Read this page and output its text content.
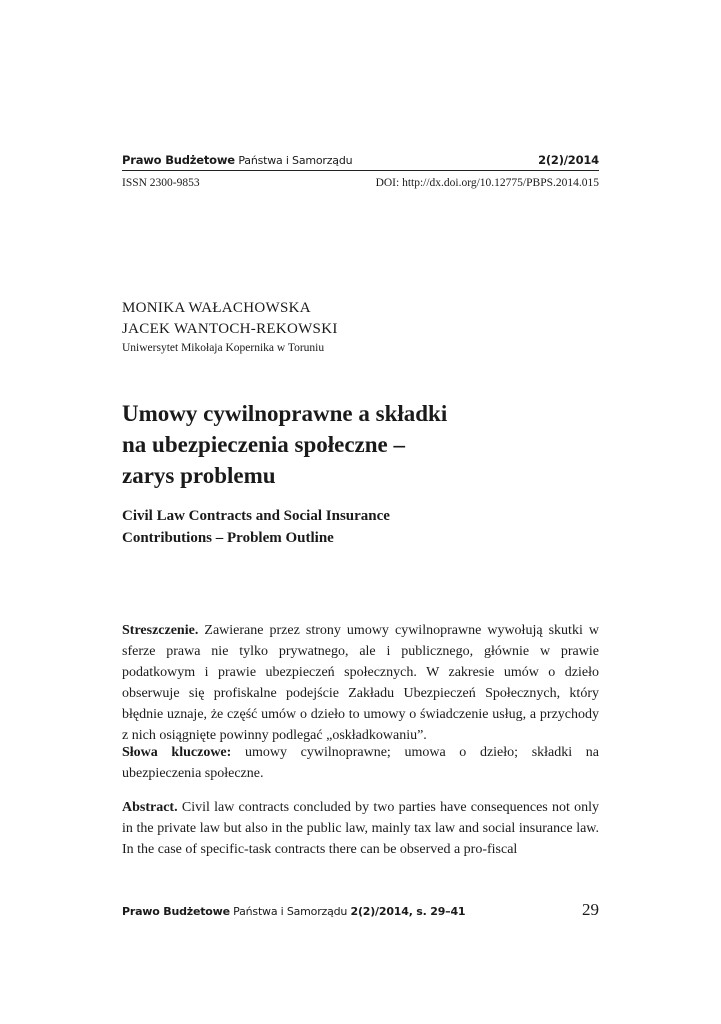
Prawo Budżetowe Państwa i Samorządu	2(2)/2014
ISSN 2300-9853	DOI: http://dx.doi.org/10.12775/PBPS.2014.015
MONIKA WAŁACHOWSKA
JACEK WANTOCH-REKOWSKI
Uniwersytet Mikołaja Kopernika w Toruniu
Umowy cywilnoprawne a składki
na ubezpieczenia społeczne –
zarys problemu
Civil Law Contracts and Social Insurance
Contributions – Problem Outline

Streszczenie. Zawierane przez strony umowy cywilnoprawne wywołują skutki w sferze prawa nie tylko prywatnego, ale i publicznego, głównie w prawie podatkowym i prawie ubezpieczeń społecznych. W zakresie umów o dzieło obserwuje się profiskalne podejście Zakładu Ubezpieczeń Społecznych, który błędnie uznaje, że część umów o dzieło to umowy o świadczenie usług, a przychody z nich osiągnięte powinny podlegać „oskładkowaniu”.

Słowa kluczowe: umowy cywilnoprawne; umowa o dzieło; składki na ubezpieczenia społeczne.

Abstract. Civil law contracts concluded by two parties have consequences not only in the private law but also in the public law, mainly tax law and social insurance law. In the case of specific-task contracts there can be observed a pro-fiscal

Prawo Budżetowe Państwa i Samorządu 2(2)/2014, s. 29–41	29
